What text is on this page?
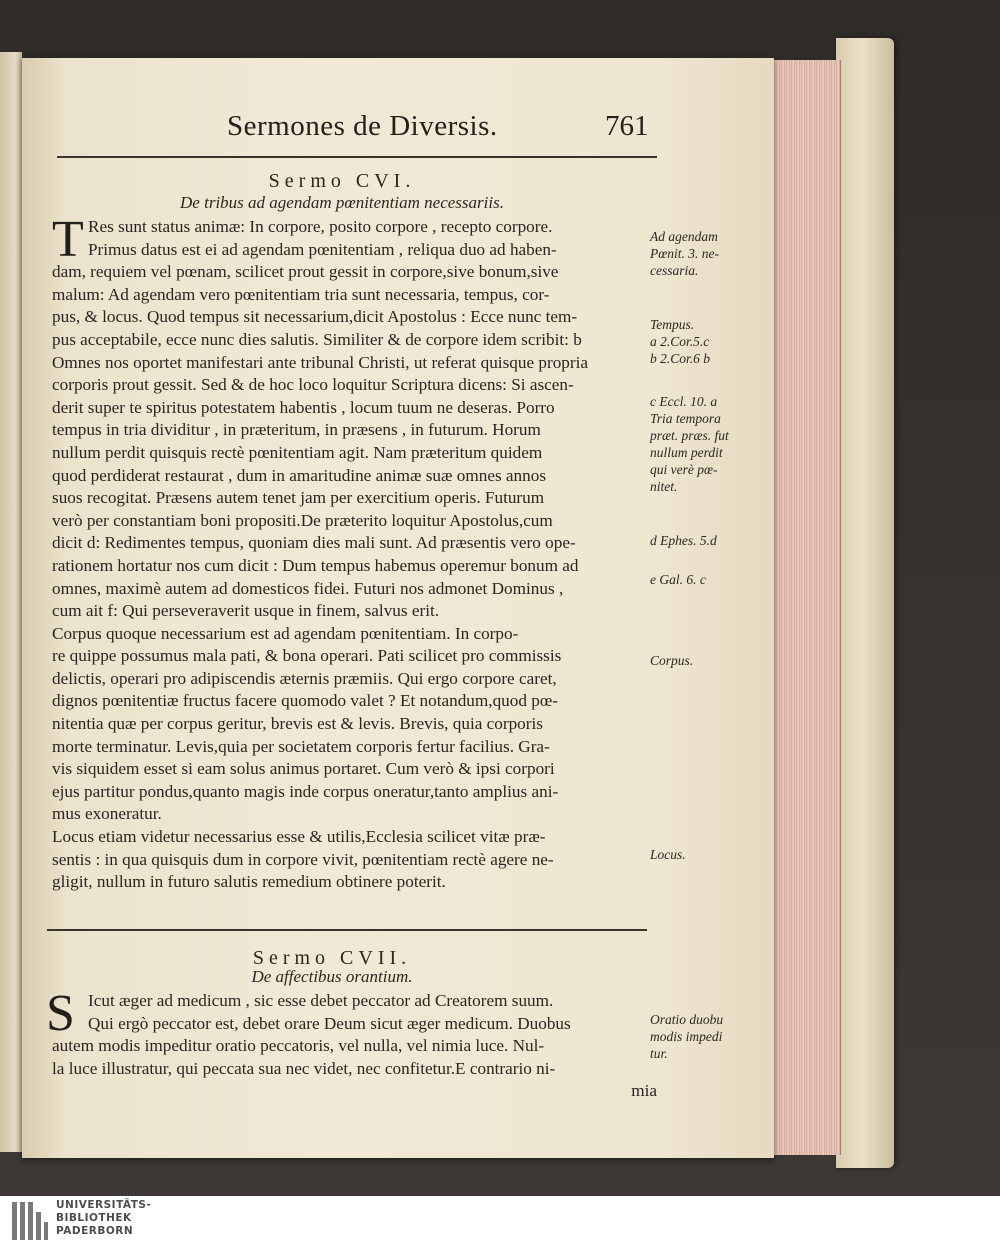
Sermones de Diversis.	761
Sermo CVI.
De tribus ad agendam pœnitentiam necessariis.
T Res sunt status animæ: In corpore, posito corpore , recepto corpore.
Primus datus est ei ad agendam pœnitentiam , reliqua duo ad haben-
dam, requiem vel pœnam, scilicet prout gessit in corpore,sive bonum,sive
malum: Ad agendam vero pœnitentiam tria sunt necessaria, tempus, cor-
pus, & locus. Quod tempus sit necessarium,dicit Apostolus : Ecce nunc tem-
pus acceptabile, ecce nunc dies salutis. Similiter & de corpore idem scribit: b
Omnes nos oportet manifestari ante tribunal Christi, ut referat quisque propria
corporis prout gessit. Sed & de hoc loco loquitur Scriptura dicens: Si ascen-
derit super te spiritus potestatem habentis , locum tuum ne deseras. Porro
tempus in tria dividitur , in præteritum, in præsens , in futurum. Horum
nullum perdit quisquis rectè pœnitentiam agit. Nam præteritum quidem
quod perdiderat restaurat , dum in amaritudine animæ suæ omnes annos
suos recogitat. Præsens autem tenet jam per exercitium operis. Futurum
verò per constantiam boni propositi.De præterito loquitur Apostolus,cum
dicit d: Redimentes tempus, quoniam dies mali sunt. Ad præsentis vero ope-
rationem hortatur nos cum dicit : Dum tempus habemus operemur bonum ad
omnes, maximè autem ad domesticos fidei. Futuri nos admonet Dominus ,
cum ait f: Qui perseveraverit usque in finem, salvus erit.
Corpus quoque necessarium est ad agendam pœnitentiam. In corpo-
re quippe possumus mala pati, & bona operari. Pati scilicet pro commissis
delictis, operari pro adipiscendis æternis præmiis. Qui ergo corpore caret,
dignos pœnitentiæ fructus facere quomodo valet ? Et notandum,quod pœ-
nitentia quæ per corpus geritur, brevis est & levis. Brevis, quia corporis
morte terminatur. Levis,quia per societatem corporis fertur facilius. Gra-
vis siquidem esset si eam solus animus portaret. Cum verò & ipsi corpori
ejus partitur pondus,quanto magis inde corpus oneratur,tanto amplius ani-
mus exoneratur.
Locus etiam videtur necessarius esse & utilis,Ecclesia scilicet vitæ præ-
sentis : in qua quisquis dum in corpore vivit, pœnitentiam rectè agere ne-
gligit, nullum in futuro salutis remedium obtinere poterit.
Sermo CVII.
De affectibus orantium.
S Icut æger ad medicum , sic esse debet peccator ad Creatorem suum.
Qui ergò peccator est, debet orare Deum sicut æger medicum. Duobus
autem modis impeditur oratio peccatoris, vel nulla, vel nimia luce. Nul-
la luce illustratur, qui peccata sua nec videt, nec confitetur.E contrario ni-
mia
Ad agendam
Pœnit. 3. ne-
cessaria.
Tempus.
a 2.Cor.5.c
b 2.Cor.6 b
c Eccl. 10. a
Tria tempora
præt. præs. fut
nullum perdit
qui verè pœ-
nitet.
d Ephes. 5.d
e Gal. 6. c
Corpus.
Locus.
Oratio duobu
modis impedi
tur.
UNIVERSITÄTS-
BIBLIOTHEK
PADERBORN
